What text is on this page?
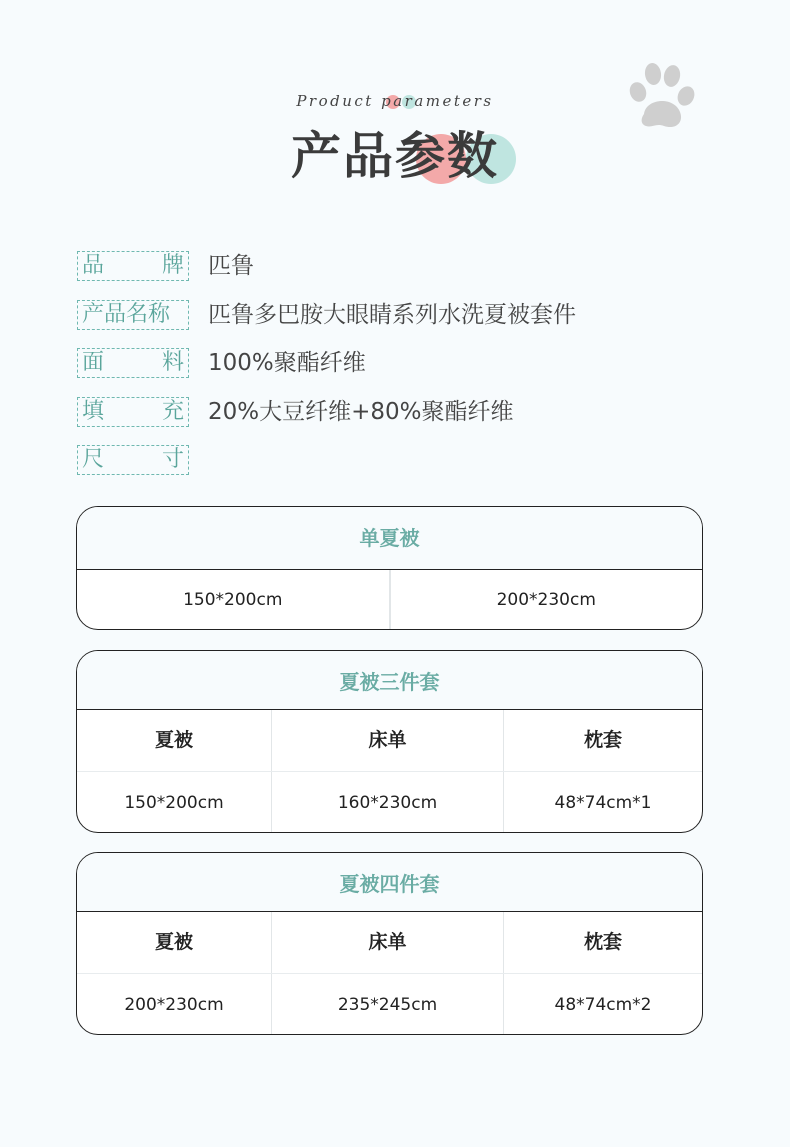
Product parameters
产品参数
品	牌 匹鲁
产品名称 匹鲁多巴胺大眼睛系列水洗夏被套件
面	料 100%聚酯纤维
填	充 20%大豆纤维+80%聚酯纤维
尺	寸
单夏被
150*200cm	200*230cm
夏被三件套
夏被	床单	枕套
150*200cm	160*230cm	48*74cm*1
夏被四件套
夏被	床单	枕套
200*230cm	235*245cm	48*74cm*2
